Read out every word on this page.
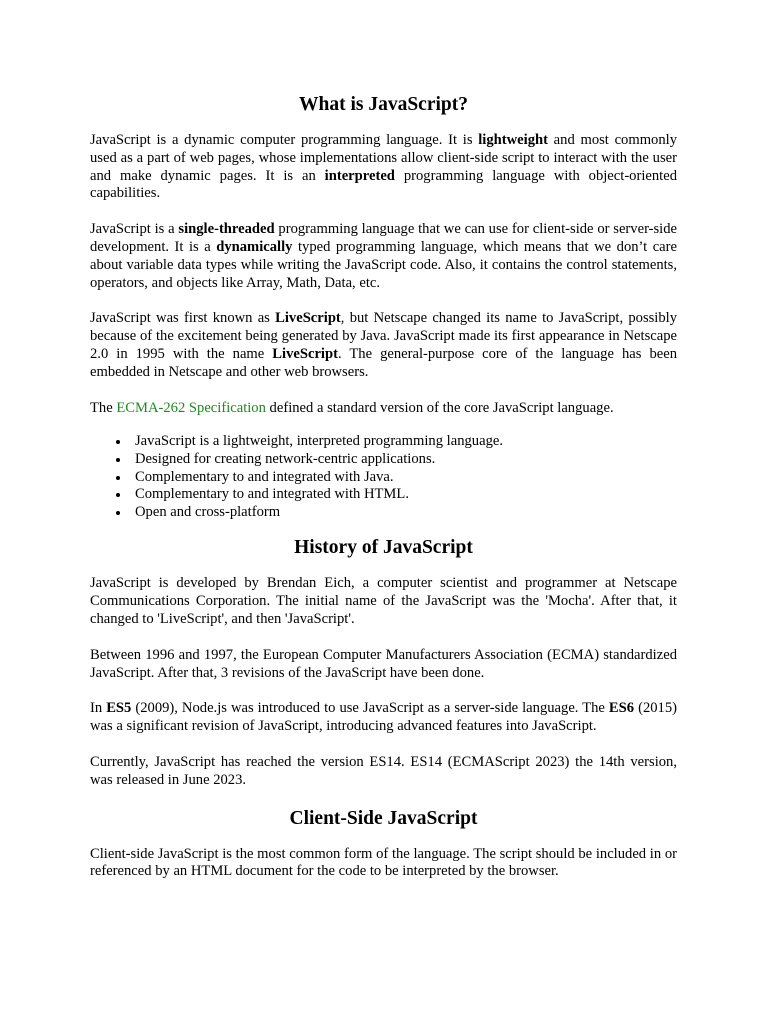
What is JavaScript?

JavaScript is a dynamic computer programming language. It is lightweight and most commonly used as a part of web pages, whose implementations allow client-side script to interact with the user and make dynamic pages. It is an interpreted programming language with object-oriented capabilities.

JavaScript is a single-threaded programming language that we can use for client-side or server-side development. It is a dynamically typed programming language, which means that we don’t care about variable data types while writing the JavaScript code. Also, it contains the control statements, operators, and objects like Array, Math, Data, etc.

JavaScript was first known as LiveScript, but Netscape changed its name to JavaScript, possibly because of the excitement being generated by Java. JavaScript made its first appearance in Netscape 2.0 in 1995 with the name LiveScript. The general-purpose core of the language has been embedded in Netscape and other web browsers.

The ECMA-262 Specification defined a standard version of the core JavaScript language.

JavaScript is a lightweight, interpreted programming language.
Designed for creating network-centric applications.
Complementary to and integrated with Java.
Complementary to and integrated with HTML.
Open and cross-platform
History of JavaScript

JavaScript is developed by Brendan Eich, a computer scientist and programmer at Netscape Communications Corporation. The initial name of the JavaScript was the 'Mocha'. After that, it changed to 'LiveScript', and then 'JavaScript'.

Between 1996 and 1997, the European Computer Manufacturers Association (ECMA) standardized JavaScript. After that, 3 revisions of the JavaScript have been done.

In ES5 (2009), Node.js was introduced to use JavaScript as a server-side language. The ES6 (2015) was a significant revision of JavaScript, introducing advanced features into JavaScript.

Currently, JavaScript has reached the version ES14. ES14 (ECMAScript 2023) the 14th version, was released in June 2023.

Client-Side JavaScript

Client-side JavaScript is the most common form of the language. The script should be included in or referenced by an HTML document for the code to be interpreted by the browser.
